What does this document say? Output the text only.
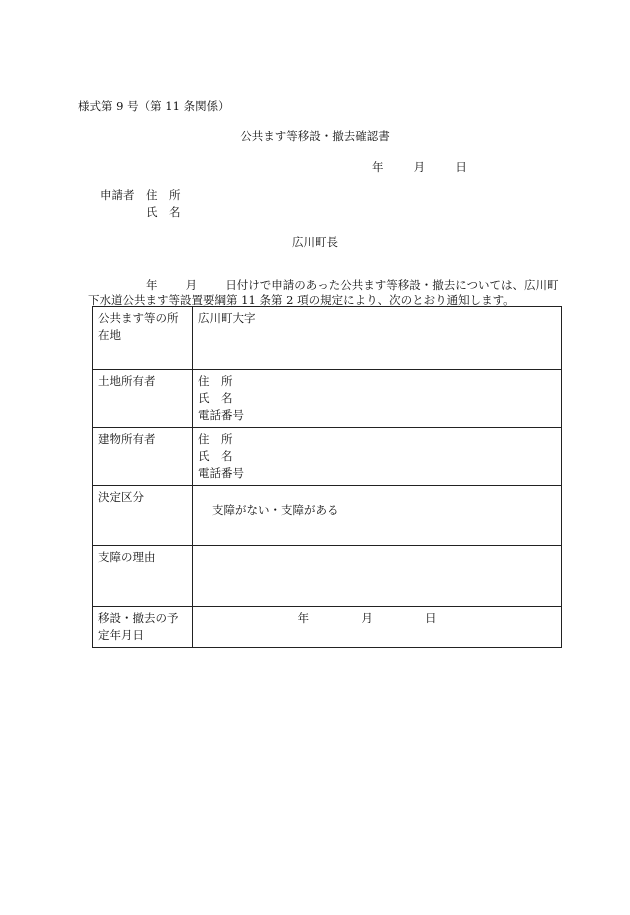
様式第 9 号（第 11 条関係）
公共ます等移設・撤去確認書
年	月	日
申請者	住　所
氏　名
広川町長
年 月 日付けで申請のあった公共ます等移設・撤去については、広川町
下水道公共ます等設置要綱第 11 条第 2 項の規定により、次のとおり通知します。
公共ます等の所在地	広川町大字
土地所有者	住　所
氏　名
電話番号

建物所有者	住　所
氏　名
電話番号

決定区分	支障がない・支障がある

支障の理由	
移設・撤去の予定年月日	年 月 日
